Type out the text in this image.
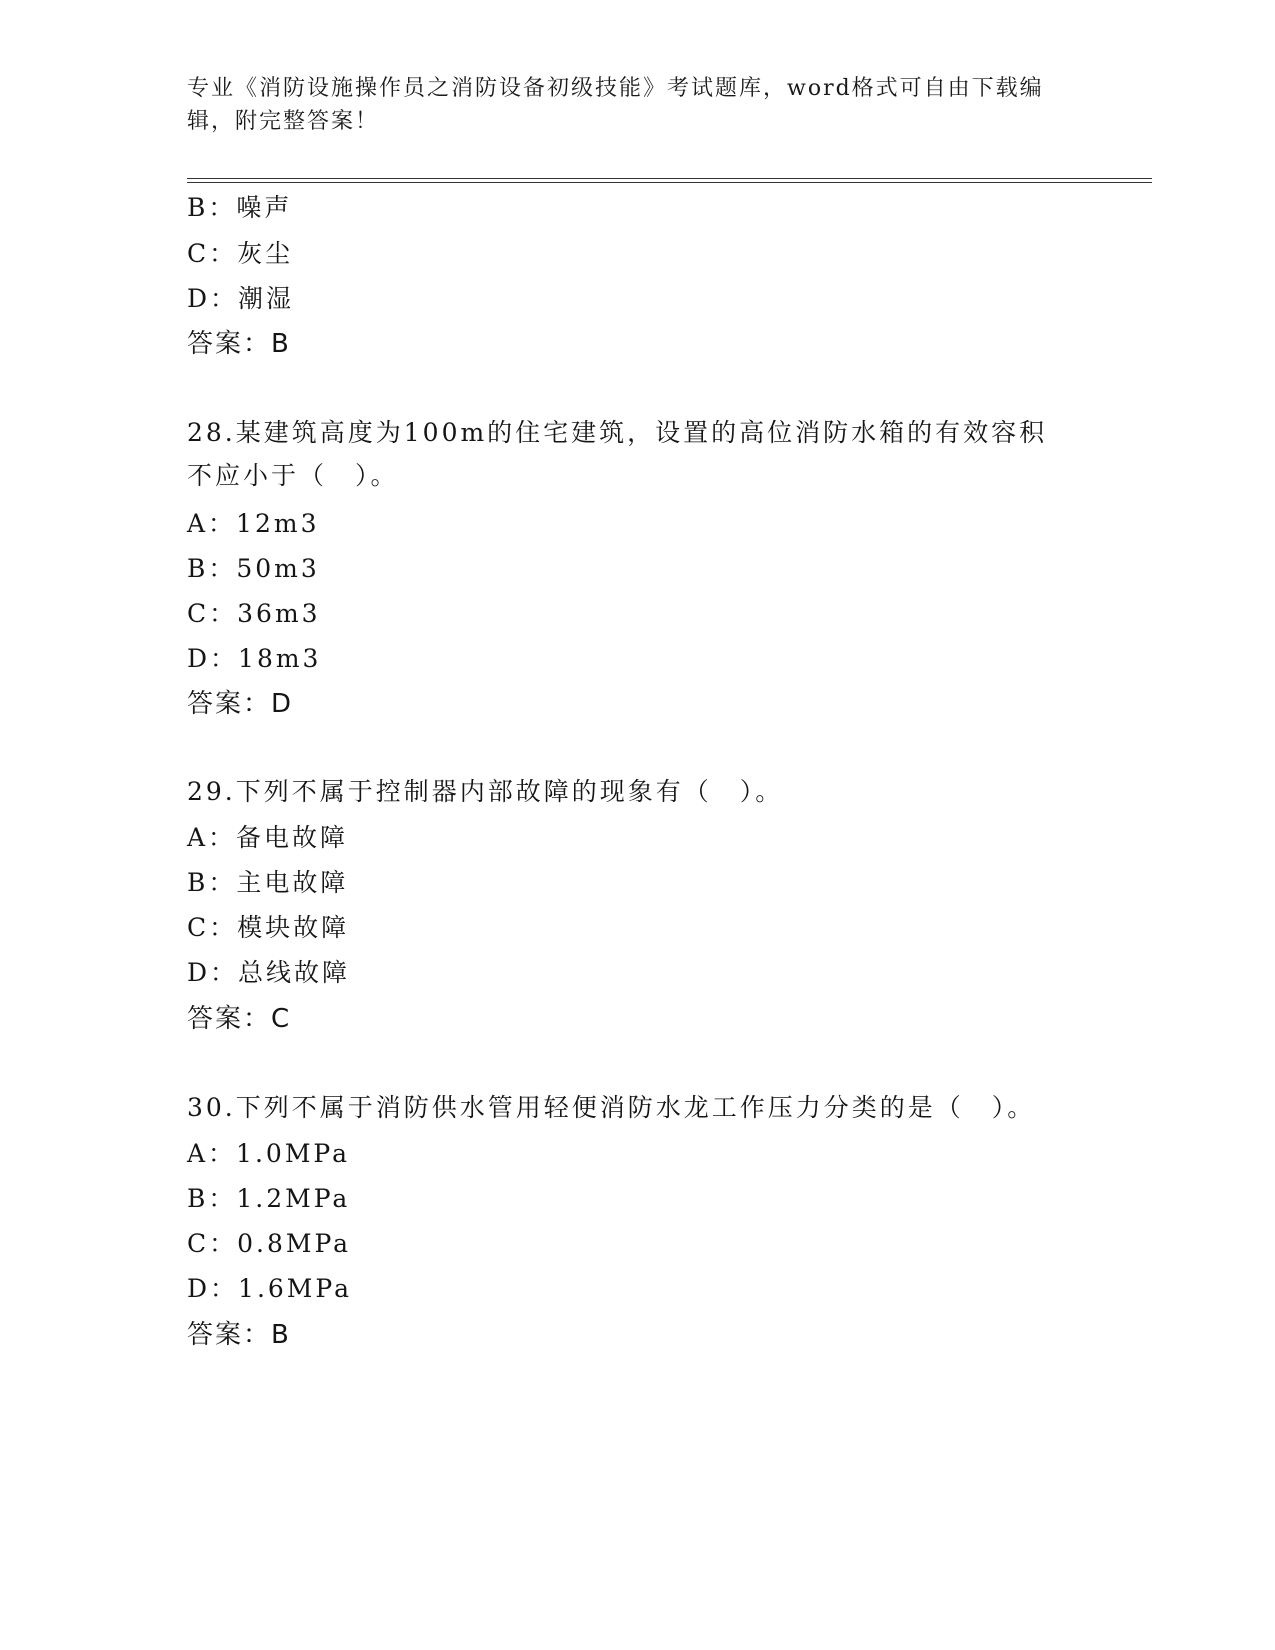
专业《消防设施操作员之消防设备初级技能》考试题库，word格式可自由下载编
辑，附完整答案！
B：噪声
C：灰尘
D：潮湿
答案：B
28.某建筑高度为100m的住宅建筑，设置的高位消防水箱的有效容积
不应小于（　）。
A：12m3
B：50m3
C：36m3
D：18m3
答案：D
29.下列不属于控制器内部故障的现象有（　）。
A：备电故障
B：主电故障
C：模块故障
D：总线故障
答案：C
30.下列不属于消防供水管用轻便消防水龙工作压力分类的是（　）。
A：1.0MPa
B：1.2MPa
C：0.8MPa
D：1.6MPa
答案：B
